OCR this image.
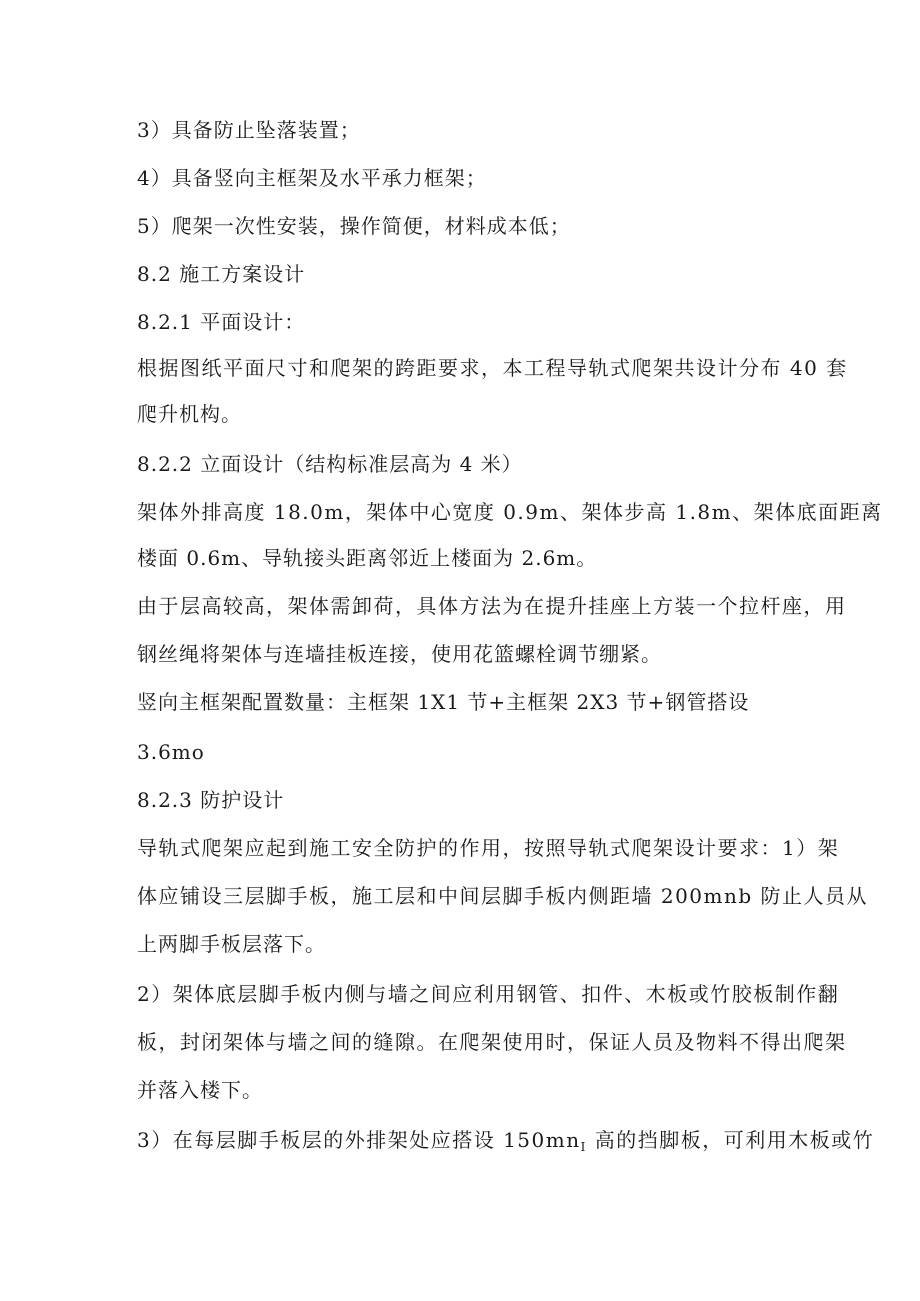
3）具备防止坠落装置；
4）具备竖向主框架及水平承力框架；
5）爬架一次性安装，操作简便，材料成本低；
8.2 施工方案设计
8.2.1 平面设计：
根据图纸平面尺寸和爬架的跨距要求，本工程导轨式爬架共设计分布 40 套
爬升机构。
8.2.2 立面设计（结构标准层高为 4 米）
架体外排高度 18.0m，架体中心宽度 0.9m、架体步高 1.8m、架体底面距离
楼面 0.6m、导轨接头距离邻近上楼面为 2.6m。
由于层高较高，架体需卸荷，具体方法为在提升挂座上方装一个拉杆座，用
钢丝绳将架体与连墙挂板连接，使用花篮螺栓调节绷紧。
竖向主框架配置数量：主框架 1X1 节+主框架 2X3 节+钢管搭设
3.6mo
8.2.3 防护设计
导轨式爬架应起到施工安全防护的作用，按照导轨式爬架设计要求：1）架
体应铺设三层脚手板，施工层和中间层脚手板内侧距墙 200mnb 防止人员从
上两脚手板层落下。
2）架体底层脚手板内侧与墙之间应利用钢管、扣件、木板或竹胶板制作翻
板，封闭架体与墙之间的缝隙。在爬架使用时，保证人员及物料不得出爬架
并落入楼下。
3）在每层脚手板层的外排架处应搭设 $150mn_I$ 高的挡脚板，可利用木板或竹
